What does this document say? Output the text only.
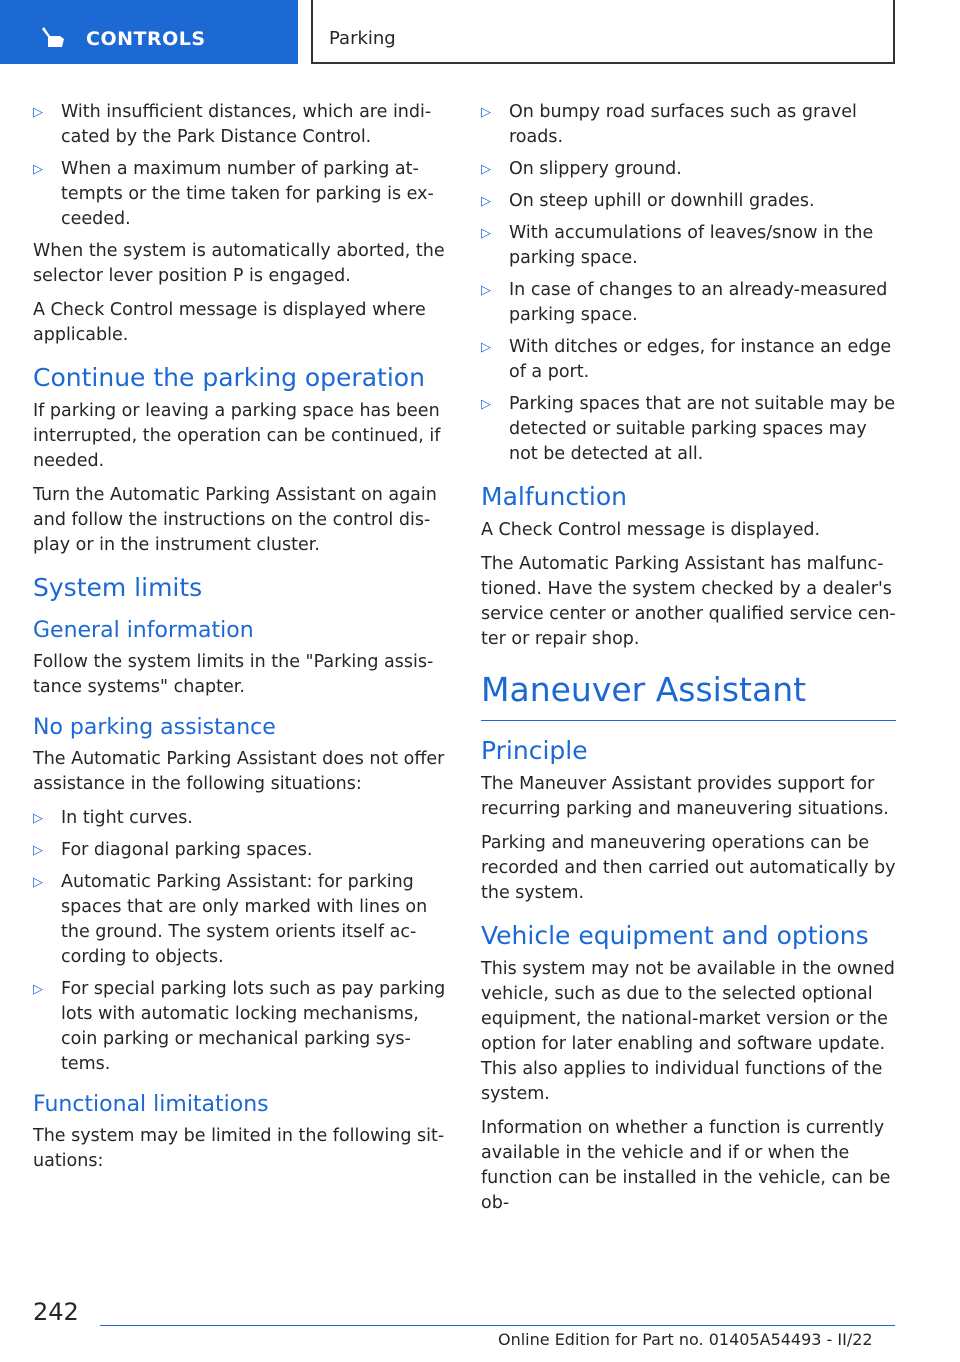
CONTROLS	Parking
▷ With insufficient distances, which are indicated by the Park Distance Control.
▷ When a maximum number of parking attempts or the time taken for parking is exceeded.

When the system is automatically aborted, the selector lever position P is engaged.

A Check Control message is displayed where applicable.

Continue the parking operation

If parking or leaving a parking space has been interrupted, the operation can be continued, if needed.

Turn the Automatic Parking Assistant on again and follow the instructions on the control display or in the instrument cluster.

System limits
General information

Follow the system limits in the "Parking assistance systems" chapter.

No parking assistance

The Automatic Parking Assistant does not offer assistance in the following situations:

▷ In tight curves.
▷ For diagonal parking spaces.
▷ Automatic Parking Assistant: for parking spaces that are only marked with lines on the ground. The system orients itself according to objects.
▷ For special parking lots such as pay parking lots with automatic locking mechanisms, coin parking or mechanical parking systems.
Functional limitations

The system may be limited in the following situations:

▷ On bumpy road surfaces such as gravel roads.
▷ On slippery ground.
▷ On steep uphill or downhill grades.
▷ With accumulations of leaves/snow in the parking space.
▷ In case of changes to an already-measured parking space.
▷ With ditches or edges, for instance an edge of a port.
▷ Parking spaces that are not suitable may be detected or suitable parking spaces may not be detected at all.
Malfunction

A Check Control message is displayed.

The Automatic Parking Assistant has malfunctioned. Have the system checked by a dealer's service center or another qualified service center or repair shop.

Maneuver Assistant
Principle

The Maneuver Assistant provides support for recurring parking and maneuvering situations.

Parking and maneuvering operations can be recorded and then carried out automatically by the system.

Vehicle equipment and options

This system may not be available in the owned vehicle, such as due to the selected optional equipment, the national-market version or the option for later enabling and software update. This also applies to individual functions of the system.

Information on whether a function is currently available in the vehicle and if or when the function can be installed in the vehicle, can be ob-

242
Online Edition for Part no. 01405A54493 - II/22
